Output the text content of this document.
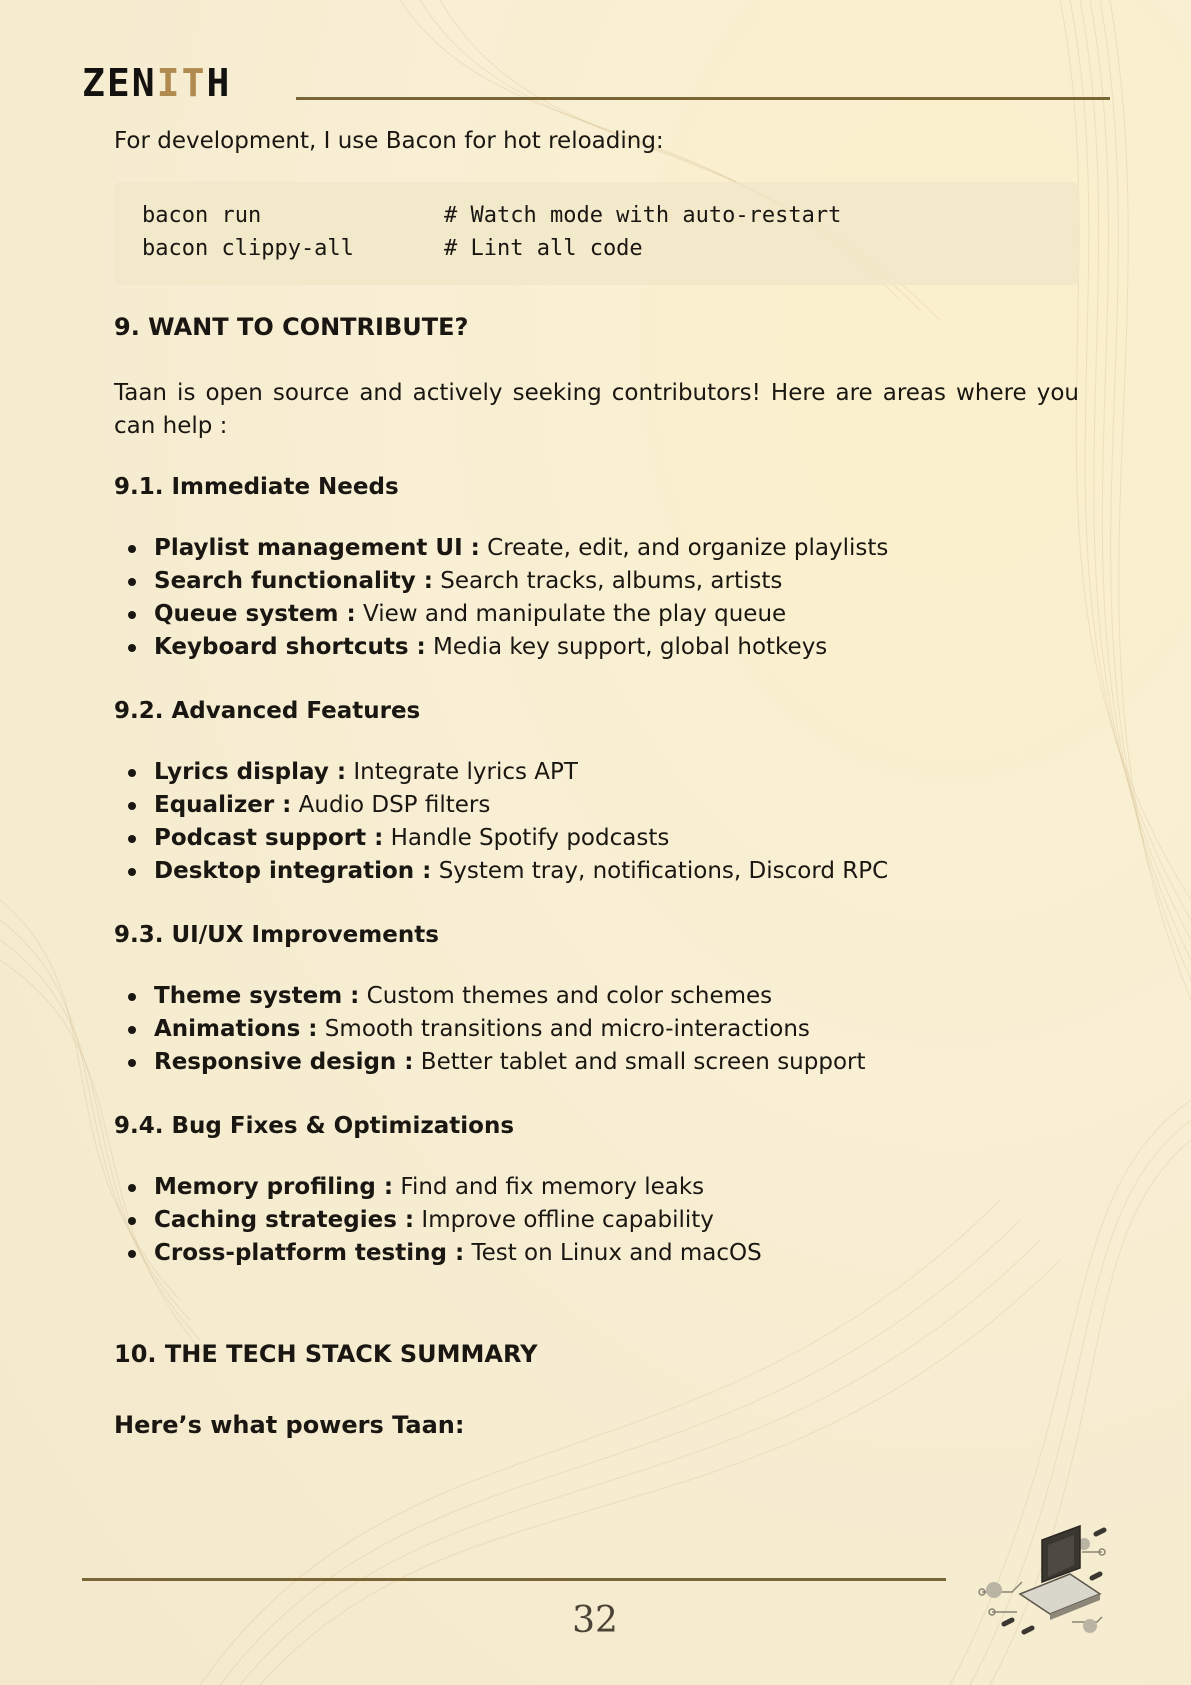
Z E N I T H

For development, I use Bacon for hot reloading:

bacon run	# Watch mode with auto-restart
bacon clippy-all	# Lint all code
9. WANT TO CONTRIBUTE?

Taan is open source and actively seeking contributors! Here are areas where you can help :

9.1. Immediate Needs
Playlist management UI : Create, edit, and organize playlists
Search functionality : Search tracks, albums, artists
Queue system : View and manipulate the play queue
Keyboard shortcuts : Media key support, global hotkeys
9.2. Advanced Features
Lyrics display : Integrate lyrics APT
Equalizer : Audio DSP filters
Podcast support : Handle Spotify podcasts
Desktop integration : System tray, notifications, Discord RPC
9.3. UI/UX Improvements
Theme system : Custom themes and color schemes
Animations : Smooth transitions and micro-interactions
Responsive design : Better tablet and small screen support
9.4. Bug Fixes & Optimizations
Memory profiling : Find and fix memory leaks
Caching strategies : Improve offline capability
Cross-platform testing : Test on Linux and macOS
10. THE TECH STACK SUMMARY
Here’s what powers Taan:
32
